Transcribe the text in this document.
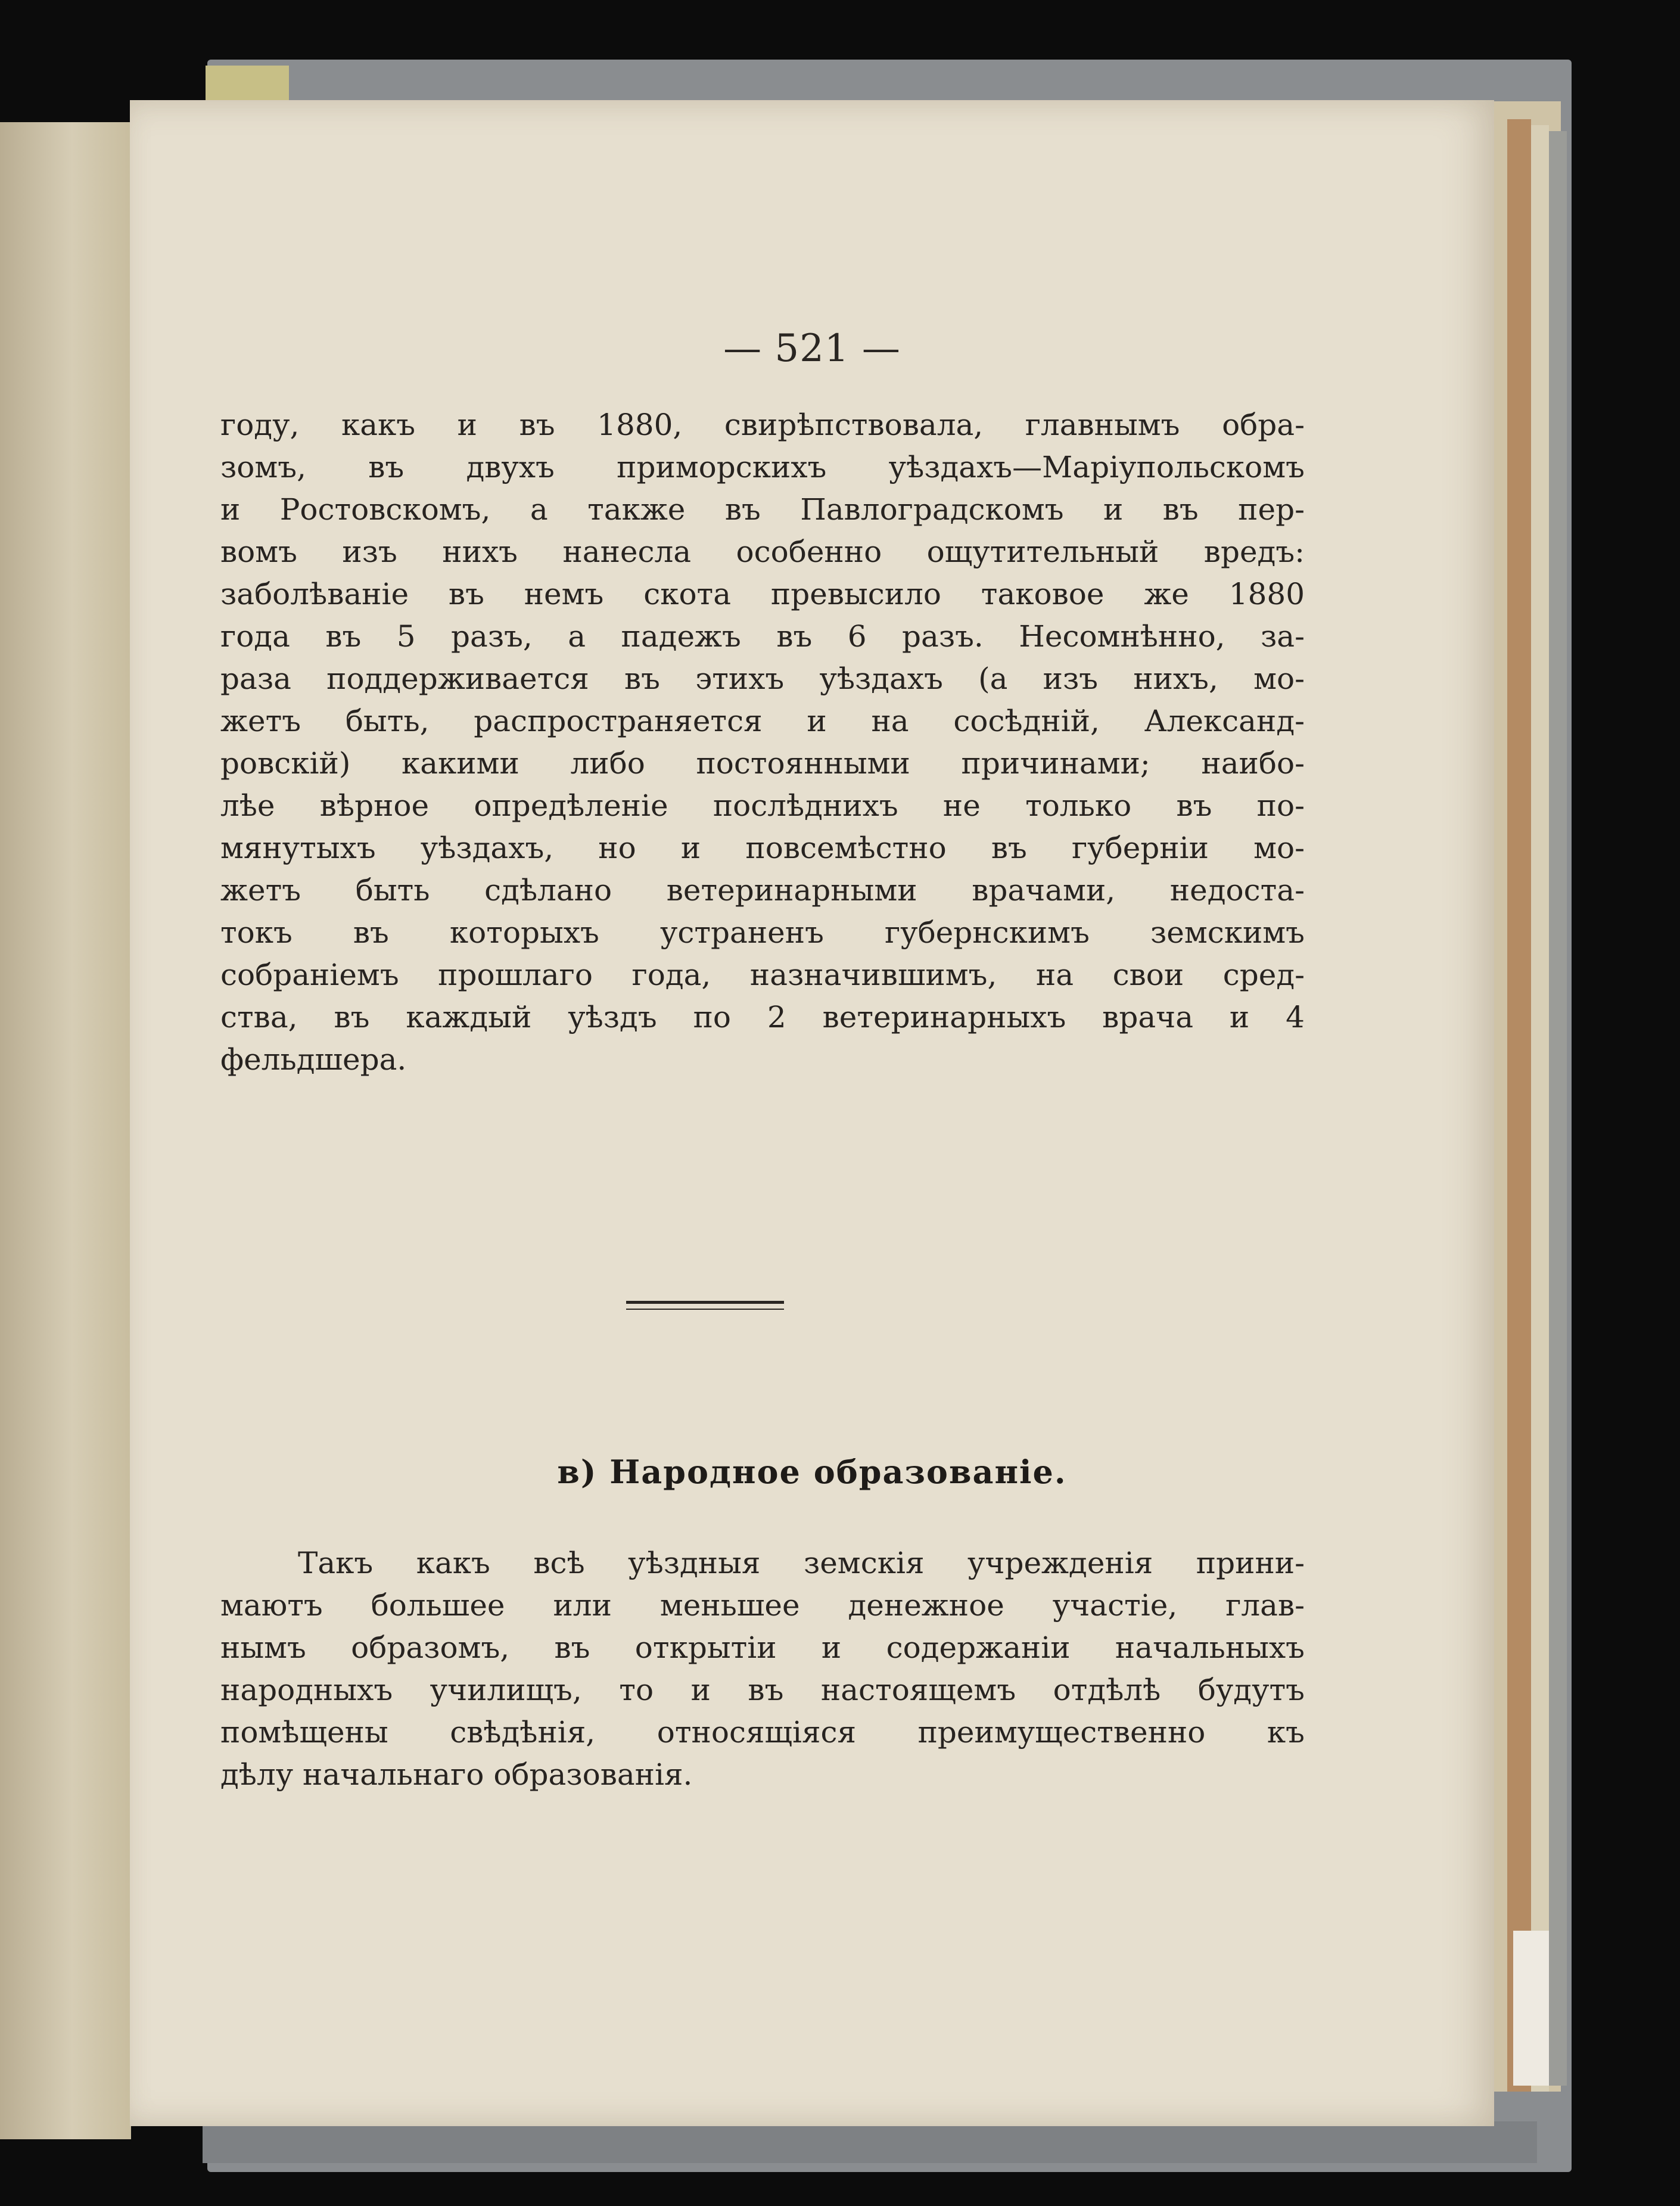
— 521 —
году, какъ и въ 1880, свирѣпствовала, главнымъ обра-
зомъ, въ двухъ приморскихъ уѣздахъ—Маріупольскомъ
и Ростовскомъ, а также въ Павлоградскомъ и въ пер-
вомъ изъ нихъ нанесла особенно ощутительный вредъ:
заболѣваніе въ немъ скота превысило таковое же 1880
года въ 5 разъ, а падежъ въ 6 разъ. Несомнѣнно, за-
раза поддерживается въ этихъ уѣздахъ (а изъ нихъ, мо-
жетъ быть, распространяется и на сосѣдній, Александ-
ровскій) какими либо постоянными причинами; наибо-
лѣе вѣрное опредѣленіе послѣднихъ не только въ по-
мянутыхъ уѣздахъ, но и повсемѣстно въ губерніи мо-
жетъ быть сдѣлано ветеринарными врачами, недоста-
токъ въ которыхъ устраненъ губернскимъ земскимъ
собраніемъ прошлаго года, назначившимъ, на свои сред-
ства, въ каждый уѣздъ по 2 ветеринарныхъ врача и 4
фельдшера.
в) Народное образованіе.
Такъ какъ всѣ уѣздныя земскія учрежденія прини-
маютъ большее или меньшее денежное участіе, глав-
нымъ образомъ, въ открытіи и содержаніи начальныхъ
народныхъ училищъ, то и въ настоящемъ отдѣлѣ будутъ
помѣщены свѣдѣнія, относящіяся преимущественно къ
дѣлу начальнаго образованія.
